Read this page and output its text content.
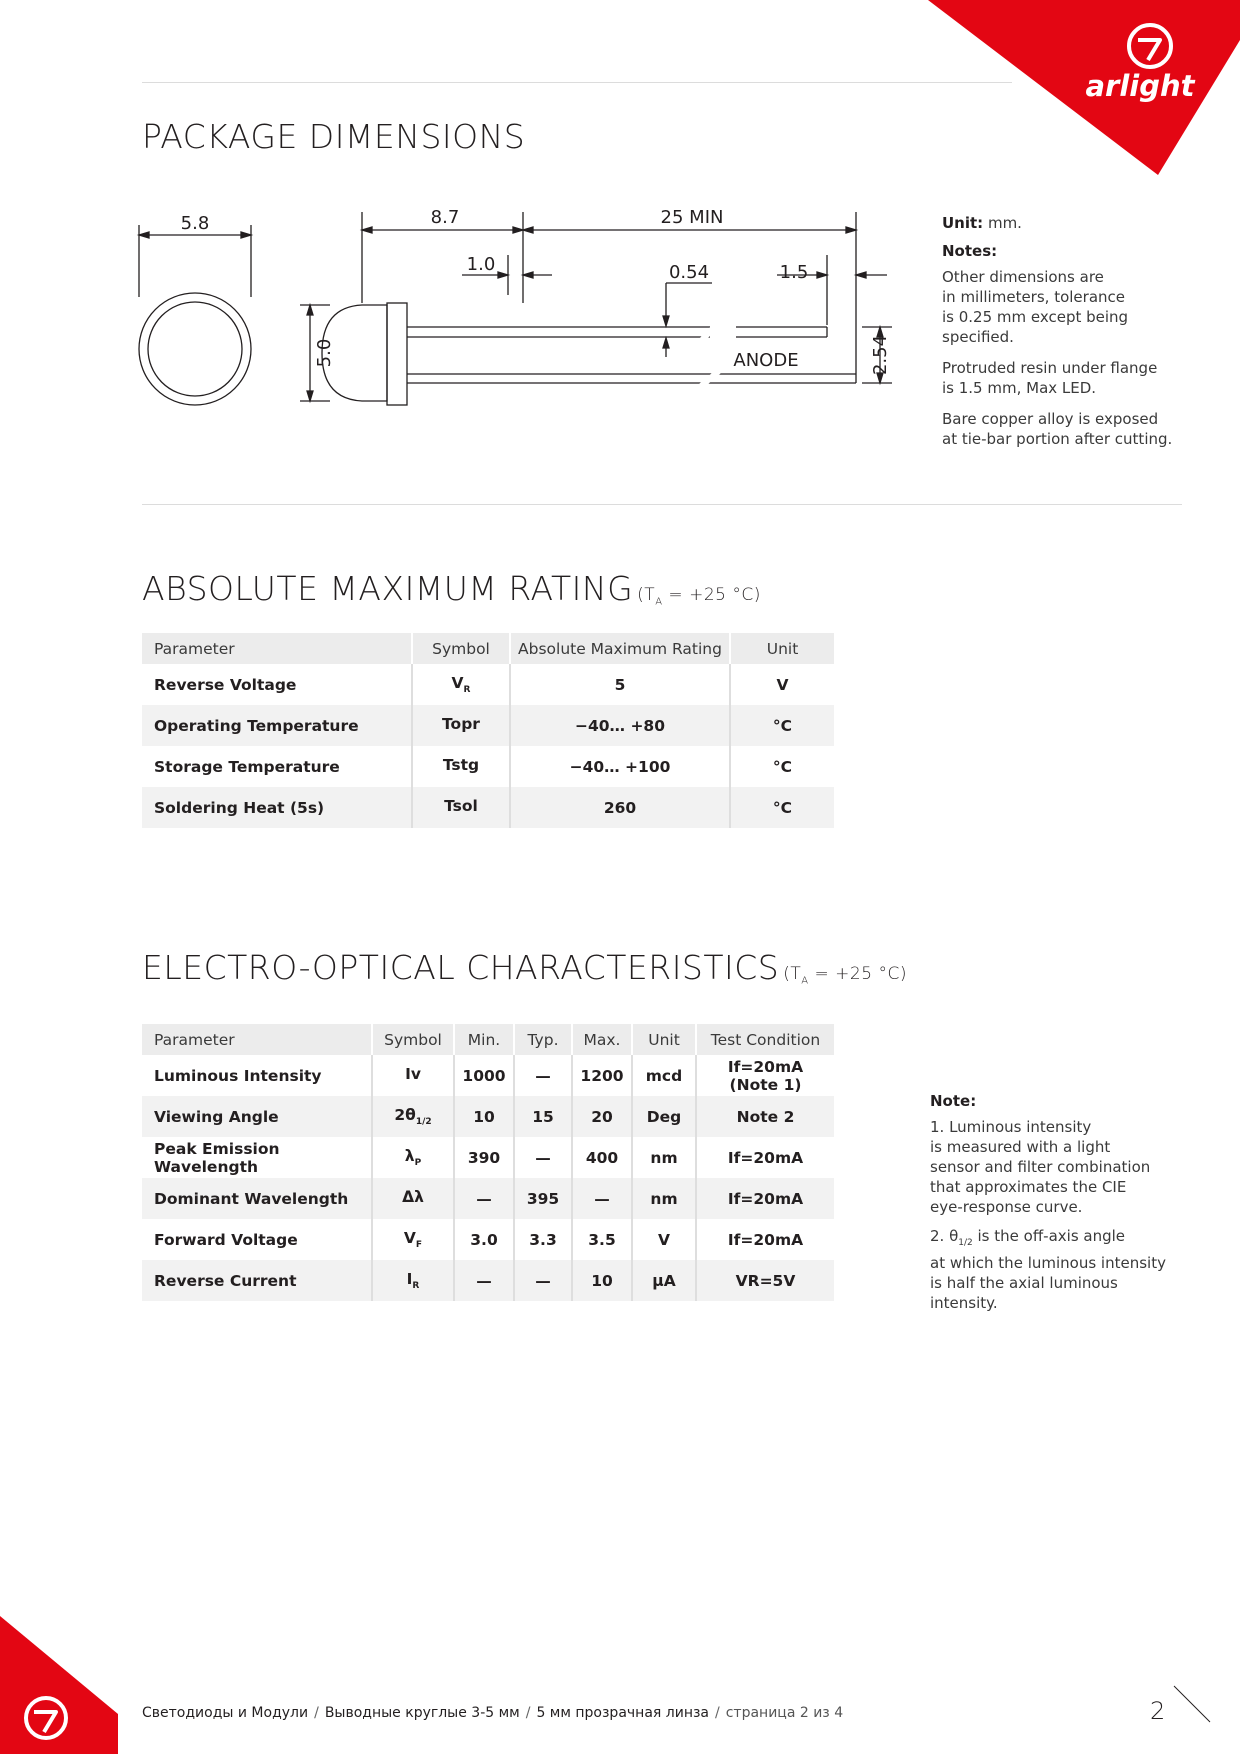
arlight
PACKAGE DIMENSIONS
5.8	8.7	25 MIN
1.0	0.54	1.5
ANODE
5.0	2.54
Unit: mm.
Notes:

Other dimensions are
in millimeters, tolerance
is 0.25 mm except being
specified.

Protruded resin under flange
is 1.5 mm, Max LED.

Bare copper alloy is exposed
at tie-bar portion after cutting.

ABSOLUTE MAXIMUM RATING ($T_A = +25$ °C)
Parameter	Symbol	Absolute Maximum Rating	Unit
Reverse Voltage	$V_R$	5	V
Operating Temperature	Topr	−40… +80	°C
Storage Temperature	Tstg	−40… +100	°C
Soldering Heat (5s)	Tsol	260	°C
ELECTRO-OPTICAL CHARACTERISTICS ($T_A = +25$ °C)
Parameter	Symbol	Min.	Typ.	Max.	Unit	Test Condition
Luminous Intensity	Iv	1000	—	1200	mcd	If=20mA (Note 1)
Viewing Angle	$2\theta_{1/2}$	10	15	20	Deg	Note 2
Peak Emission Wavelength	$\lambda_P$	390	—	400	nm	If=20mA
Dominant Wavelength	Δλ	—	395	—	nm	If=20mA
Forward Voltage	$V_F$	3.0	3.3	3.5	V	If=20mA
Reverse Current	$I_R$	—	—	10	μA	VR=5V
Note:

1. Luminous intensity
is measured with a light
sensor and filter combination
that approximates the CIE
eye-response curve.

2. $\theta_{1/2}$ is the off-axis angle
at which the luminous intensity
is half the axial luminous
intensity.

Светодиоды и Модули / Выводные круглые 3-5 мм / 5 мм прозрачная линза / страница 2 из 4	2
